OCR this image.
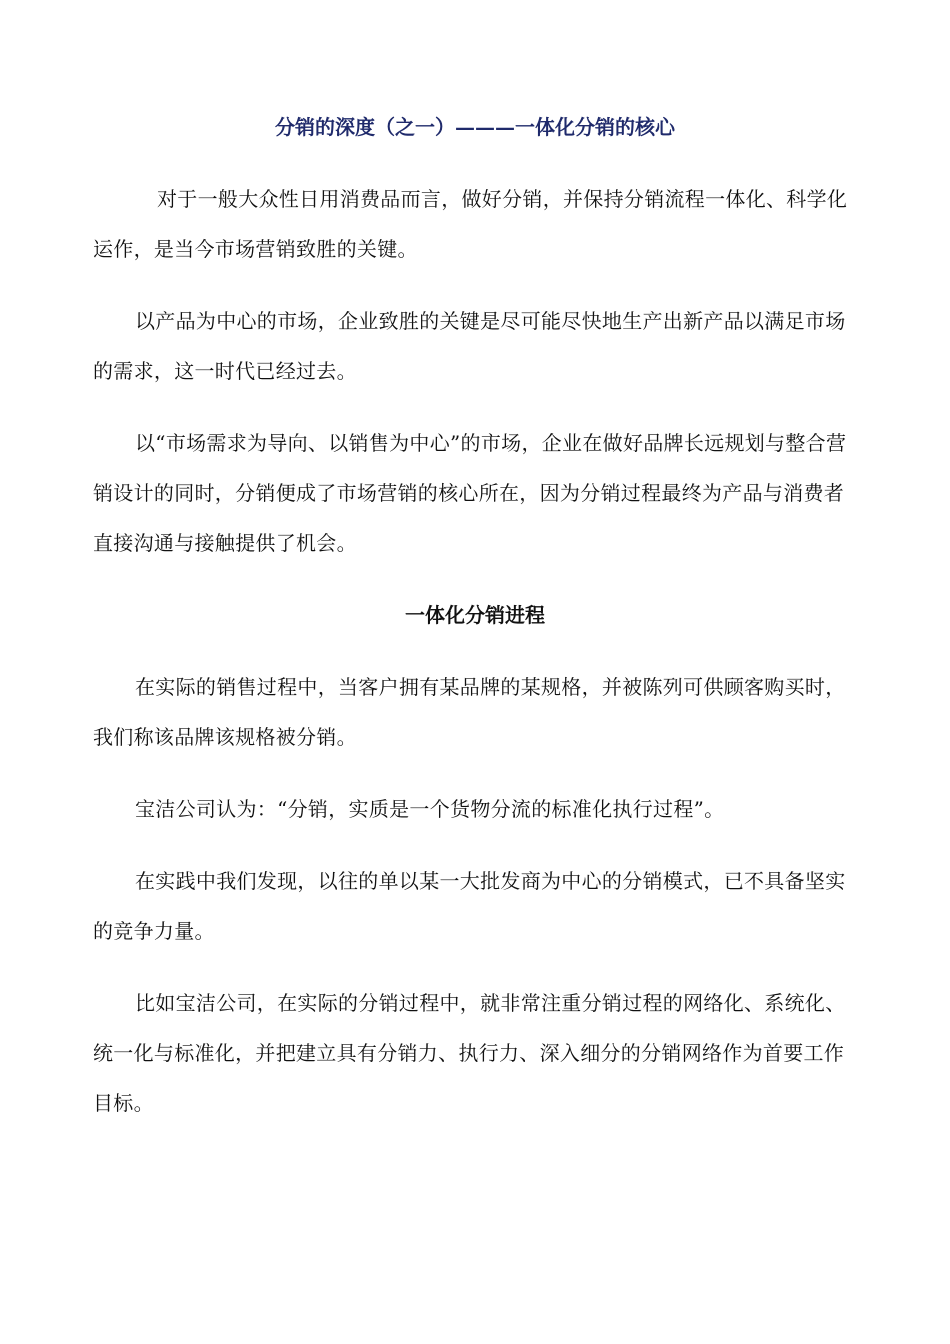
分销的深度（之一）———一体化分销的核心
对于一般大众性日用消费品而言，做好分销，并保持分销流程一体化、科学化运作，是当今市场营销致胜的关键。
以产品为中心的市场，企业致胜的关键是尽可能尽快地生产出新产品以满足市场的需求，这一时代已经过去。
以“市场需求为导向、以销售为中心”的市场，企业在做好品牌长远规划与整合营销设计的同时，分销便成了市场营销的核心所在，因为分销过程最终为产品与消费者直接沟通与接触提供了机会。
一体化分销进程
在实际的销售过程中，当客户拥有某品牌的某规格，并被陈列可供顾客购买时，我们称该品牌该规格被分销。
宝洁公司认为：“分销，实质是一个货物分流的标准化执行过程”。
在实践中我们发现，以往的单以某一大批发商为中心的分销模式，已不具备坚实的竞争力量。
比如宝洁公司，在实际的分销过程中，就非常注重分销过程的网络化、系统化、统一化与标准化，并把建立具有分销力、执行力、深入细分的分销网络作为首要工作目标。
